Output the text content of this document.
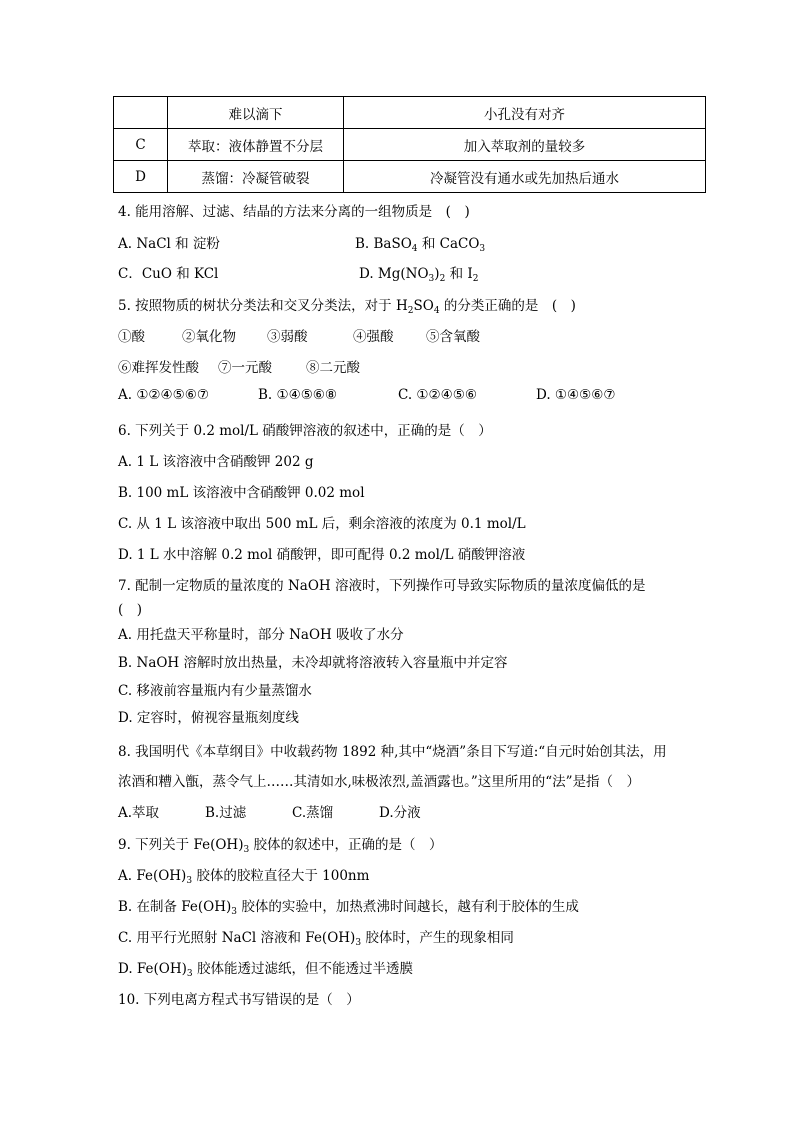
	难以滴下	小孔没有对齐
C	萃取：液体静置不分层	加入萃取剂的量较多
D	蒸馏：冷凝管破裂	冷凝管没有通水或先加热后通水
4. 能用溶解、过滤、结晶的方法来分离的一组物质是　(　)
A. NaCl 和 淀粉	B. BaSO$_4$ 和 CaCO$_3$
C．CuO 和 KCl	D. $Mg(NO_3)_2$ 和 $I_2$
5. 按照物质的树状分类法和交叉分类法，对于 $H_2SO_4$ 的分类正确的是　(　)
①酸	②氧化物 ③弱酸	④强酸 ⑤含氧酸
⑥难挥发性酸 ⑦一元酸	⑧二元酸
A. ①②④⑤⑥⑦	B. ①④⑤⑥⑧	C. ①②④⑤⑥	D. ①④⑤⑥⑦
6. 下列关于 0.2 mol/L 硝酸钾溶液的叙述中，正确的是（　）
A. 1 L 该溶液中含硝酸钾 202 g
B. 100 mL 该溶液中含硝酸钾 0.02 mol
C. 从 1 L 该溶液中取出 500 mL 后，剩余溶液的浓度为 0.1 mol/L
D. 1 L 水中溶解 0.2 mol 硝酸钾，即可配得 0.2 mol/L 硝酸钾溶液
7. 配制一定物质的量浓度的 NaOH 溶液时，下列操作可导致实际物质的量浓度偏低的是
(　)
A. 用托盘天平称量时，部分 NaOH 吸收了水分
B. NaOH 溶解时放出热量，未冷却就将溶液转入容量瓶中并定容
C. 移液前容量瓶内有少量蒸馏水
D. 定容时，俯视容量瓶刻度线
8. 我国明代《本草纲目》中收载药物 1892 种,其中“烧酒”条目下写道:“自元时始创其法，用
浓酒和糟入甑，蒸令气上……其清如水,味极浓烈,盖酒露也。”这里所用的“法”是指（　）
A.萃取	B.过滤	C.蒸馏	D.分液
9. 下列关于 $Fe(OH)_3$ 胶体的叙述中，正确的是（　）
A. $Fe(OH)_3$ 胶体的胶粒直径大于 100nm
B. 在制备 $Fe(OH)_3$ 胶体的实验中，加热煮沸时间越长，越有利于胶体的生成
C. 用平行光照射 NaCl 溶液和 $Fe(OH)_3$ 胶体时，产生的现象相同
D. $Fe(OH)_3$ 胶体能透过滤纸，但不能透过半透膜
10. 下列电离方程式书写错误的是（　）
